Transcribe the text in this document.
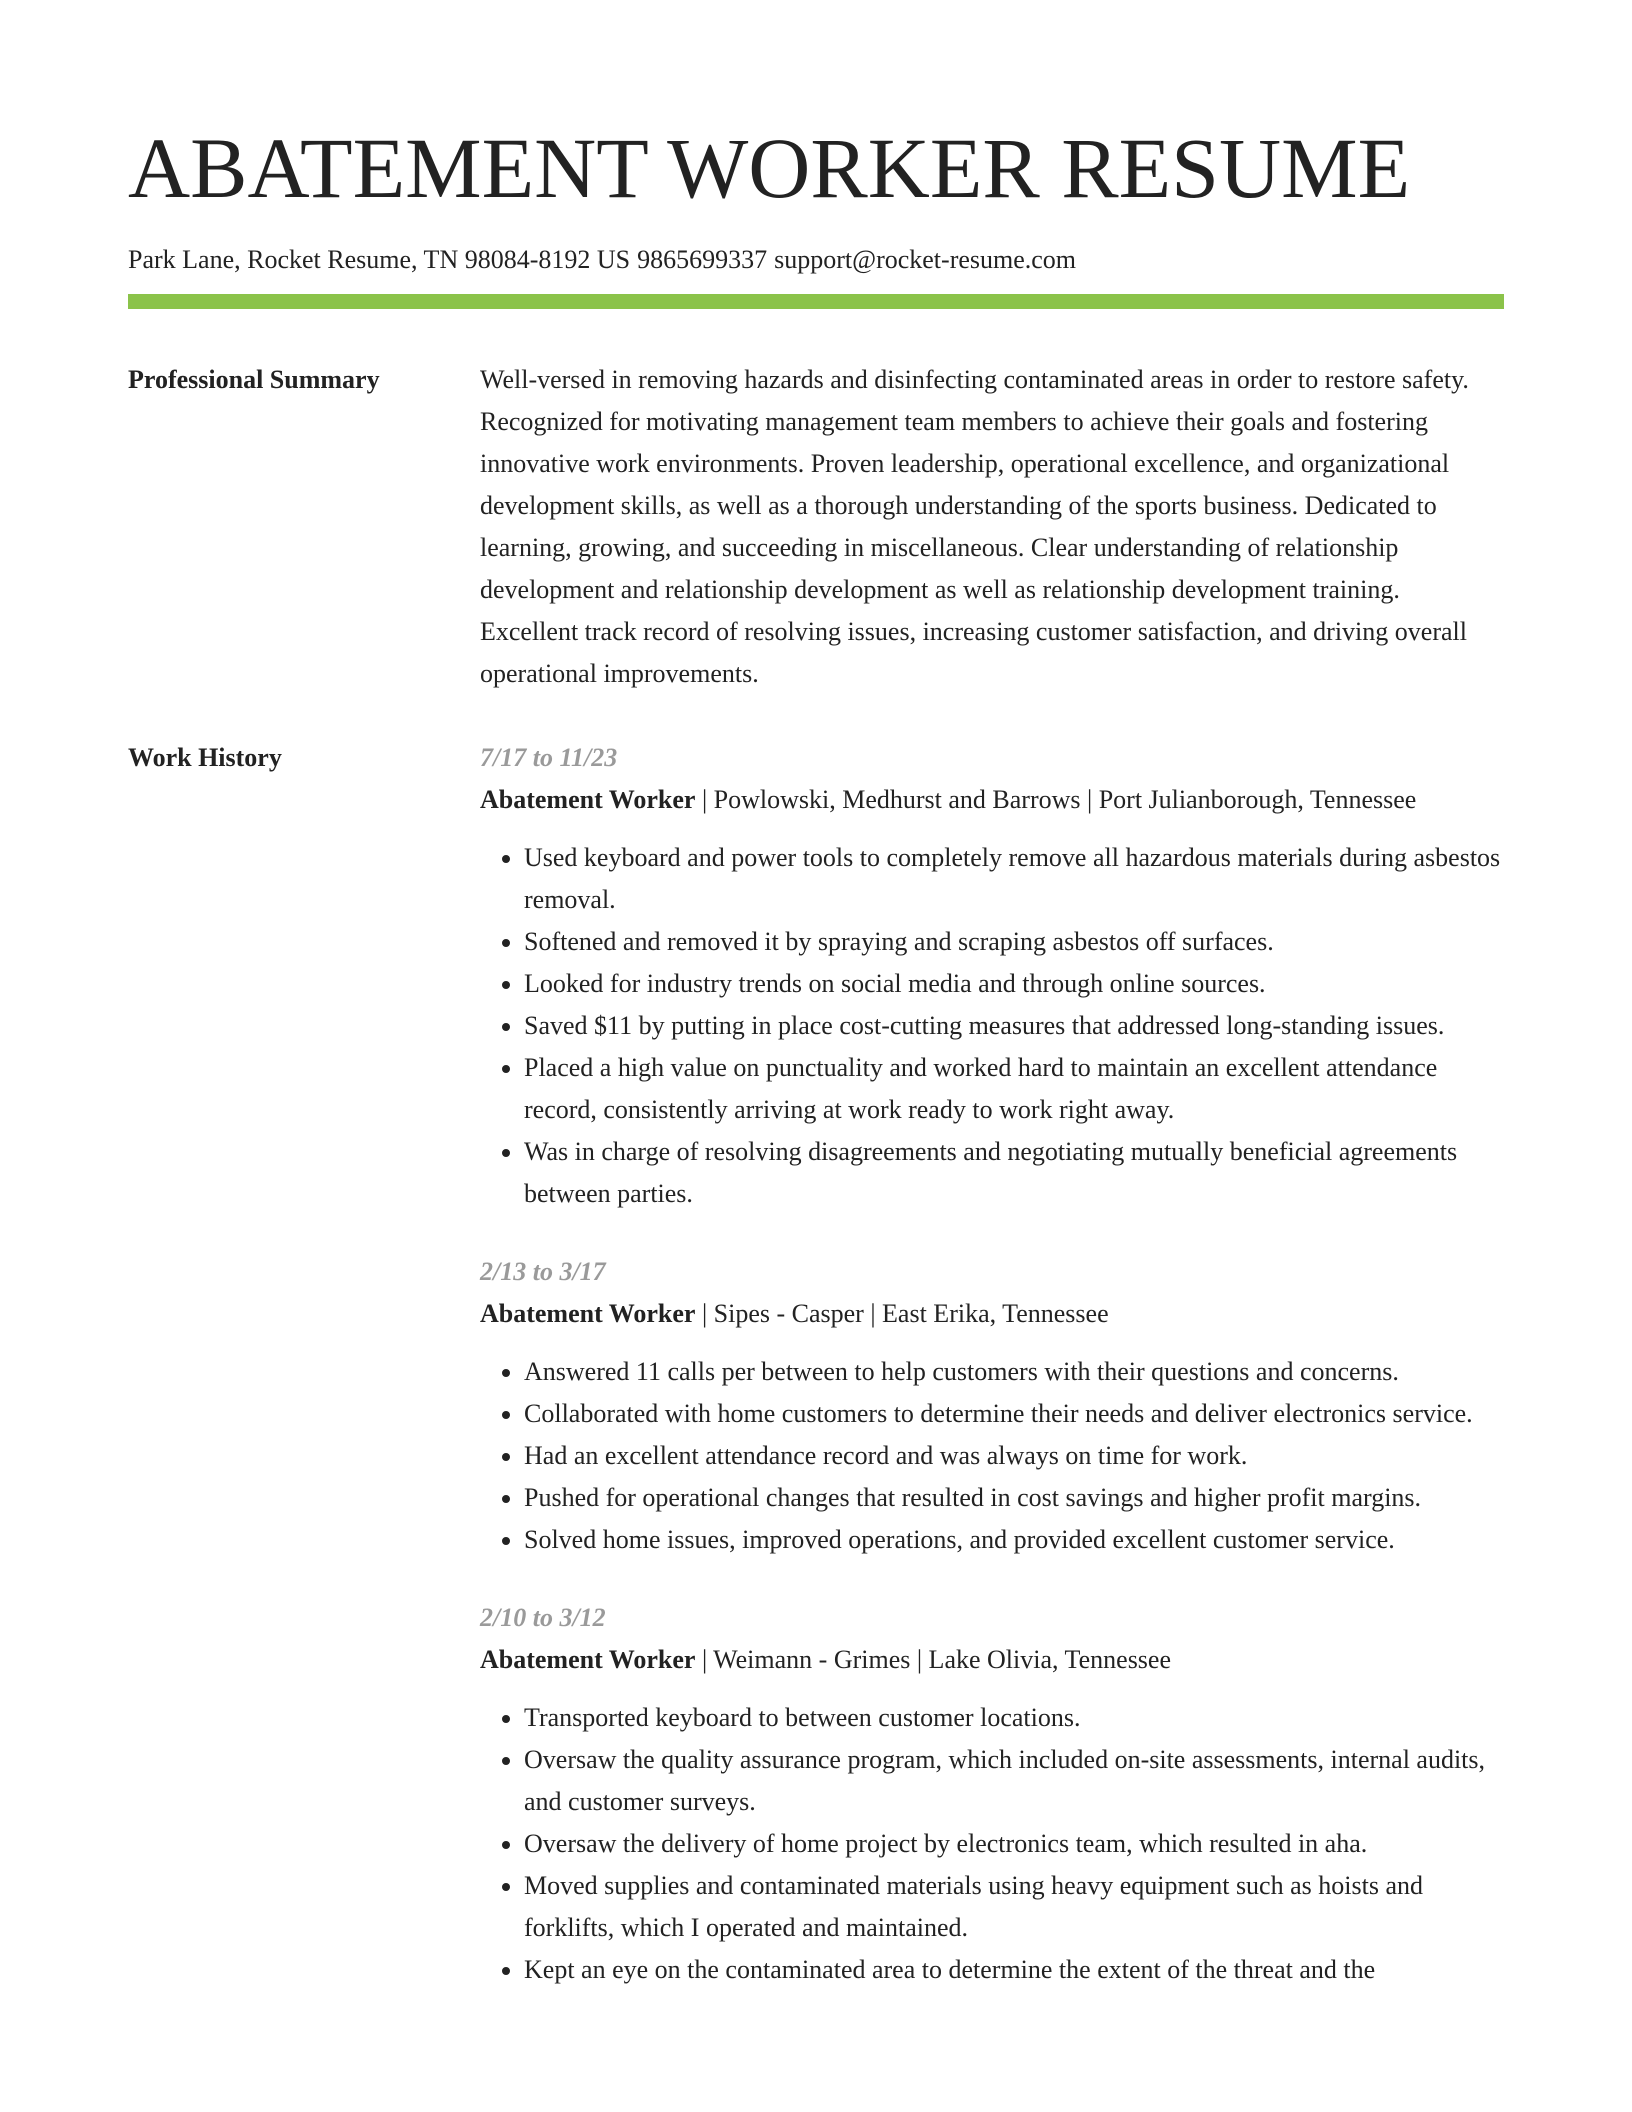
ABATEMENT WORKER RESUME
Park Lane, Rocket Resume, TN 98084-8192 US 9865699337 support@rocket-resume.com
Professional Summary	Well-versed in removing hazards and disinfecting contaminated areas in order to restore safety. Recognized for motivating management team members to achieve their goals and fostering innovative work environments. Proven leadership, operational excellence, and organizational development skills, as well as a thorough understanding of the sports business. Dedicated to learning, growing, and succeeding in miscellaneous. Clear understanding of relationship development and relationship development as well as relationship development training. Excellent track record of resolving issues, increasing customer satisfaction, and driving overall operational improvements.

Work History	7/17 to 11/23
Abatement Worker | Powlowski, Medhurst and Barrows | Port Julianborough, Tennessee
• Used keyboard and power tools to completely remove all hazardous materials during asbestos removal.
• Softened and removed it by spraying and scraping asbestos off surfaces.
• Looked for industry trends on social media and through online sources.
• Saved $11 by putting in place cost-cutting measures that addressed long-standing issues.
• Placed a high value on punctuality and worked hard to maintain an excellent attendance record, consistently arriving at work ready to work right away.
• Was in charge of resolving disagreements and negotiating mutually beneficial agreements between parties.
2/13 to 3/17
Abatement Worker | Sipes - Casper | East Erika, Tennessee
• Answered 11 calls per between to help customers with their questions and concerns.
• Collaborated with home customers to determine their needs and deliver electronics service.
• Had an excellent attendance record and was always on time for work.
• Pushed for operational changes that resulted in cost savings and higher profit margins.
• Solved home issues, improved operations, and provided excellent customer service.
2/10 to 3/12
Abatement Worker | Weimann - Grimes | Lake Olivia, Tennessee
• Transported keyboard to between customer locations.
• Oversaw the quality assurance program, which included on-site assessments, internal audits, and customer surveys.
• Oversaw the delivery of home project by electronics team, which resulted in aha.
• Moved supplies and contaminated materials using heavy equipment such as hoists and forklifts, which I operated and maintained.
• Kept an eye on the contaminated area to determine the extent of the threat and the
